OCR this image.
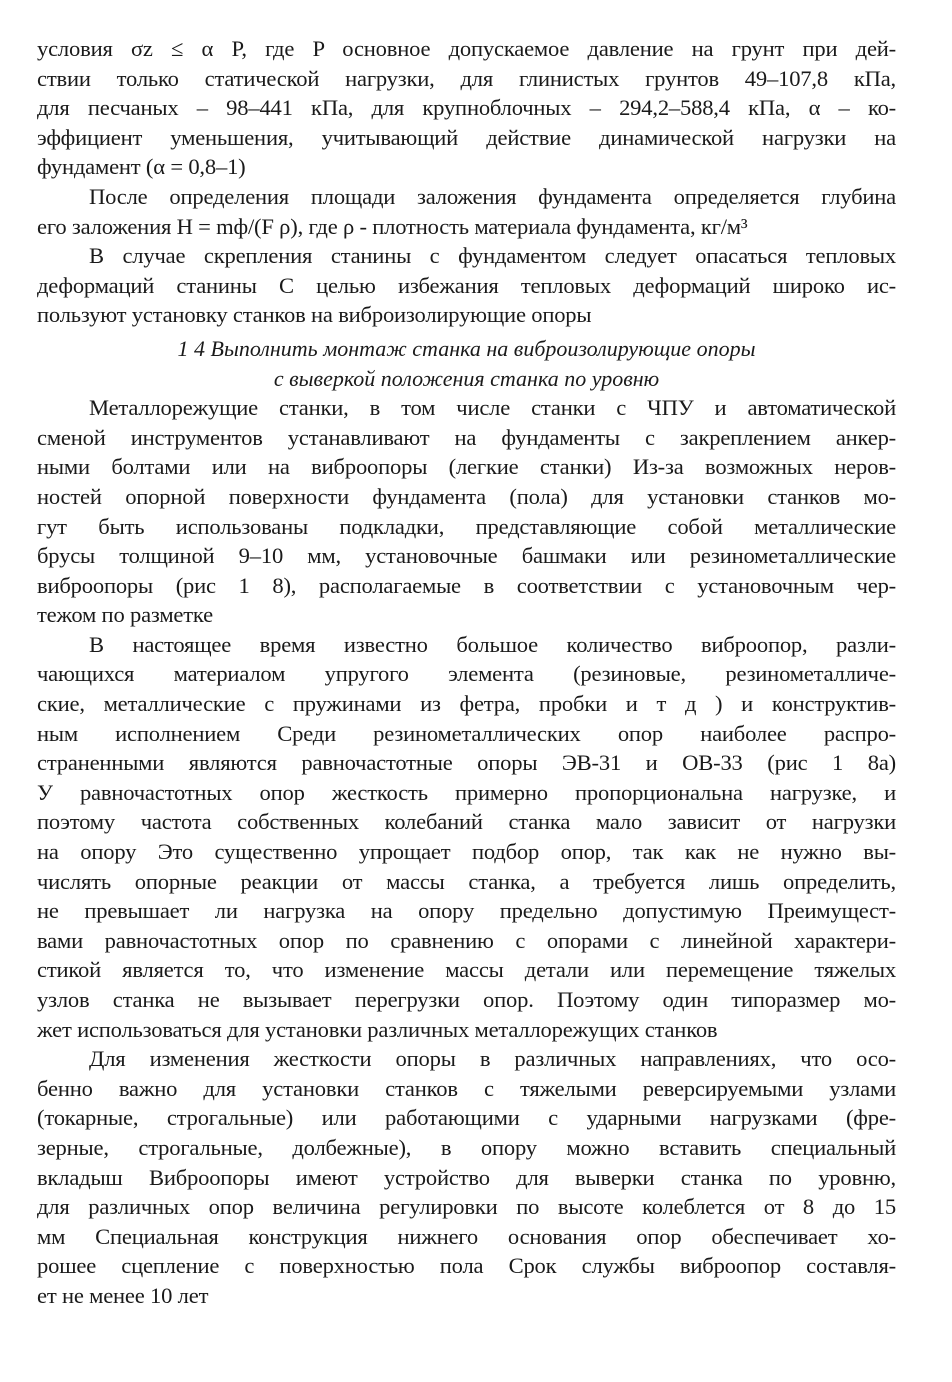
условия σz ≤ α P, где P основное допускаемое давление на грунт при дей-
ствии только статической нагрузки, для глинистых грунтов 49–107,8 кПа,
для песчаных – 98–441 кПа, для крупноблочных – 294,2–588,4 кПа, α – ко-
эффициент уменьшения, учитывающий действие динамической нагрузки на
фундамент (α = 0,8–1)
После определения площади заложения фундамента определяется глубина
его заложения H = mф/(F ρ), где ρ - плотность материала фундамента, кг/м³
В случае скрепления станины с фундаментом следует опасаться тепловых
деформаций станины С целью избежания тепловых деформаций широко ис-
пользуют установку станков на виброизолирующие опоры
1 4 Выполнить монтаж станка на виброизолирующие опоры
с выверкой положения станка по уровню
Металлорежущие станки, в том числе станки с ЧПУ и автоматической
сменой инструментов устанавливают на фундаменты с закреплением анкер-
ными болтами или на виброопоры (легкие станки) Из-за возможных неров-
ностей опорной поверхности фундамента (пола) для установки станков мо-
гут быть использованы подкладки, представляющие собой металлические
брусы толщиной 9–10 мм, установочные башмаки или резинометаллические
виброопоры (рис 1 8), располагаемые в соответствии с установочным чер-
тежом по разметке
В настоящее время известно большое количество виброопор, разли-
чающихся материалом упругого элемента (резиновые, резинометалличе-
ские, металлические с пружинами из фетра, пробки и т д ) и конструктив-
ным исполнением Среди резинометаллических опор наиболее распро-
страненными являются равночастотные опоры ЭВ-31 и ОВ-33 (рис 1 8а)
У равночастотных опор жесткость примерно пропорциональна нагрузке, и
поэтому частота собственных колебаний станка мало зависит от нагрузки
на опору Это существенно упрощает подбор опор, так как не нужно вы-
числять опорные реакции от массы станка, а требуется лишь определить,
не превышает ли нагрузка на опору предельно допустимую Преимущест-
вами равночастотных опор по сравнению с опорами с линейной характери-
стикой является то, что изменение массы детали или перемещение тяжелых
узлов станка не вызывает перегрузки опор. Поэтому один типоразмер мо-
жет использоваться для установки различных металлорежущих станков
Для изменения жесткости опоры в различных направлениях, что осо-
бенно важно для установки станков с тяжелыми реверсируемыми узлами
(токарные, строгальные) или работающими с ударными нагрузками (фре-
зерные, строгальные, долбежные), в опору можно вставить специальный
вкладыш Виброопоры имеют устройство для выверки станка по уровню,
для различных опор величина регулировки по высоте колеблется от 8 до 15
мм Специальная конструкция нижнего основания опор обеспечивает хо-
рошее сцепление с поверхностью пола Срок службы виброопор составля-
ет не менее 10 лет
